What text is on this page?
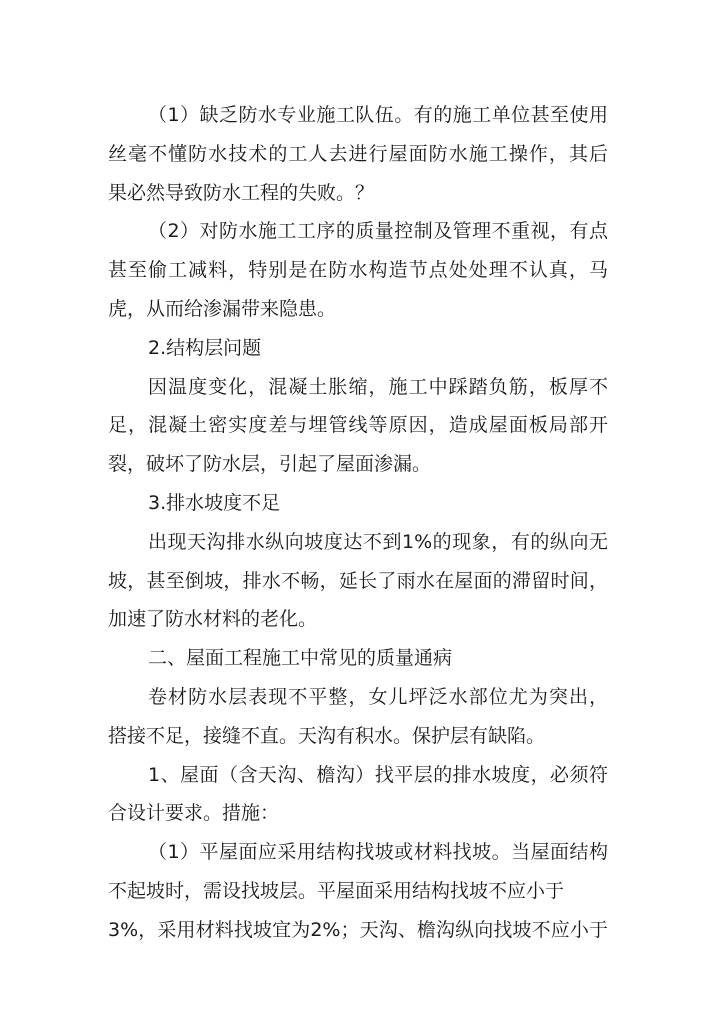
（1）缺乏防水专业施工队伍。有的施工单位甚至使用
丝毫不懂防水技术的工人去进行屋面防水施工操作，其后
果必然导致防水工程的失败。？
（2）对防水施工工序的质量控制及管理不重视，有点
甚至偷工减料，特别是在防水构造节点处处理不认真，马
虎，从而给渗漏带来隐患。
2.结构层问题
因温度变化，混凝土胀缩，施工中踩踏负筋，板厚不
足，混凝土密实度差与埋管线等原因，造成屋面板局部开
裂，破坏了防水层，引起了屋面渗漏。
3.排水坡度不足
出现天沟排水纵向坡度达不到1%的现象，有的纵向无
坡，甚至倒坡，排水不畅，延长了雨水在屋面的滞留时间，
加速了防水材料的老化。
二、屋面工程施工中常见的质量通病
卷材防水层表现不平整，女儿坪泛水部位尤为突出，
搭接不足，接缝不直。天沟有积水。保护层有缺陷。
1、屋面（含天沟、檐沟）找平层的排水坡度，必须符
合设计要求。措施：
（1）平屋面应采用结构找坡或材料找坡。当屋面结构
不起坡时，需设找坡层。平屋面采用结构找坡不应小于
3%，采用材料找坡宜为2%；天沟、檐沟纵向找坡不应小于
